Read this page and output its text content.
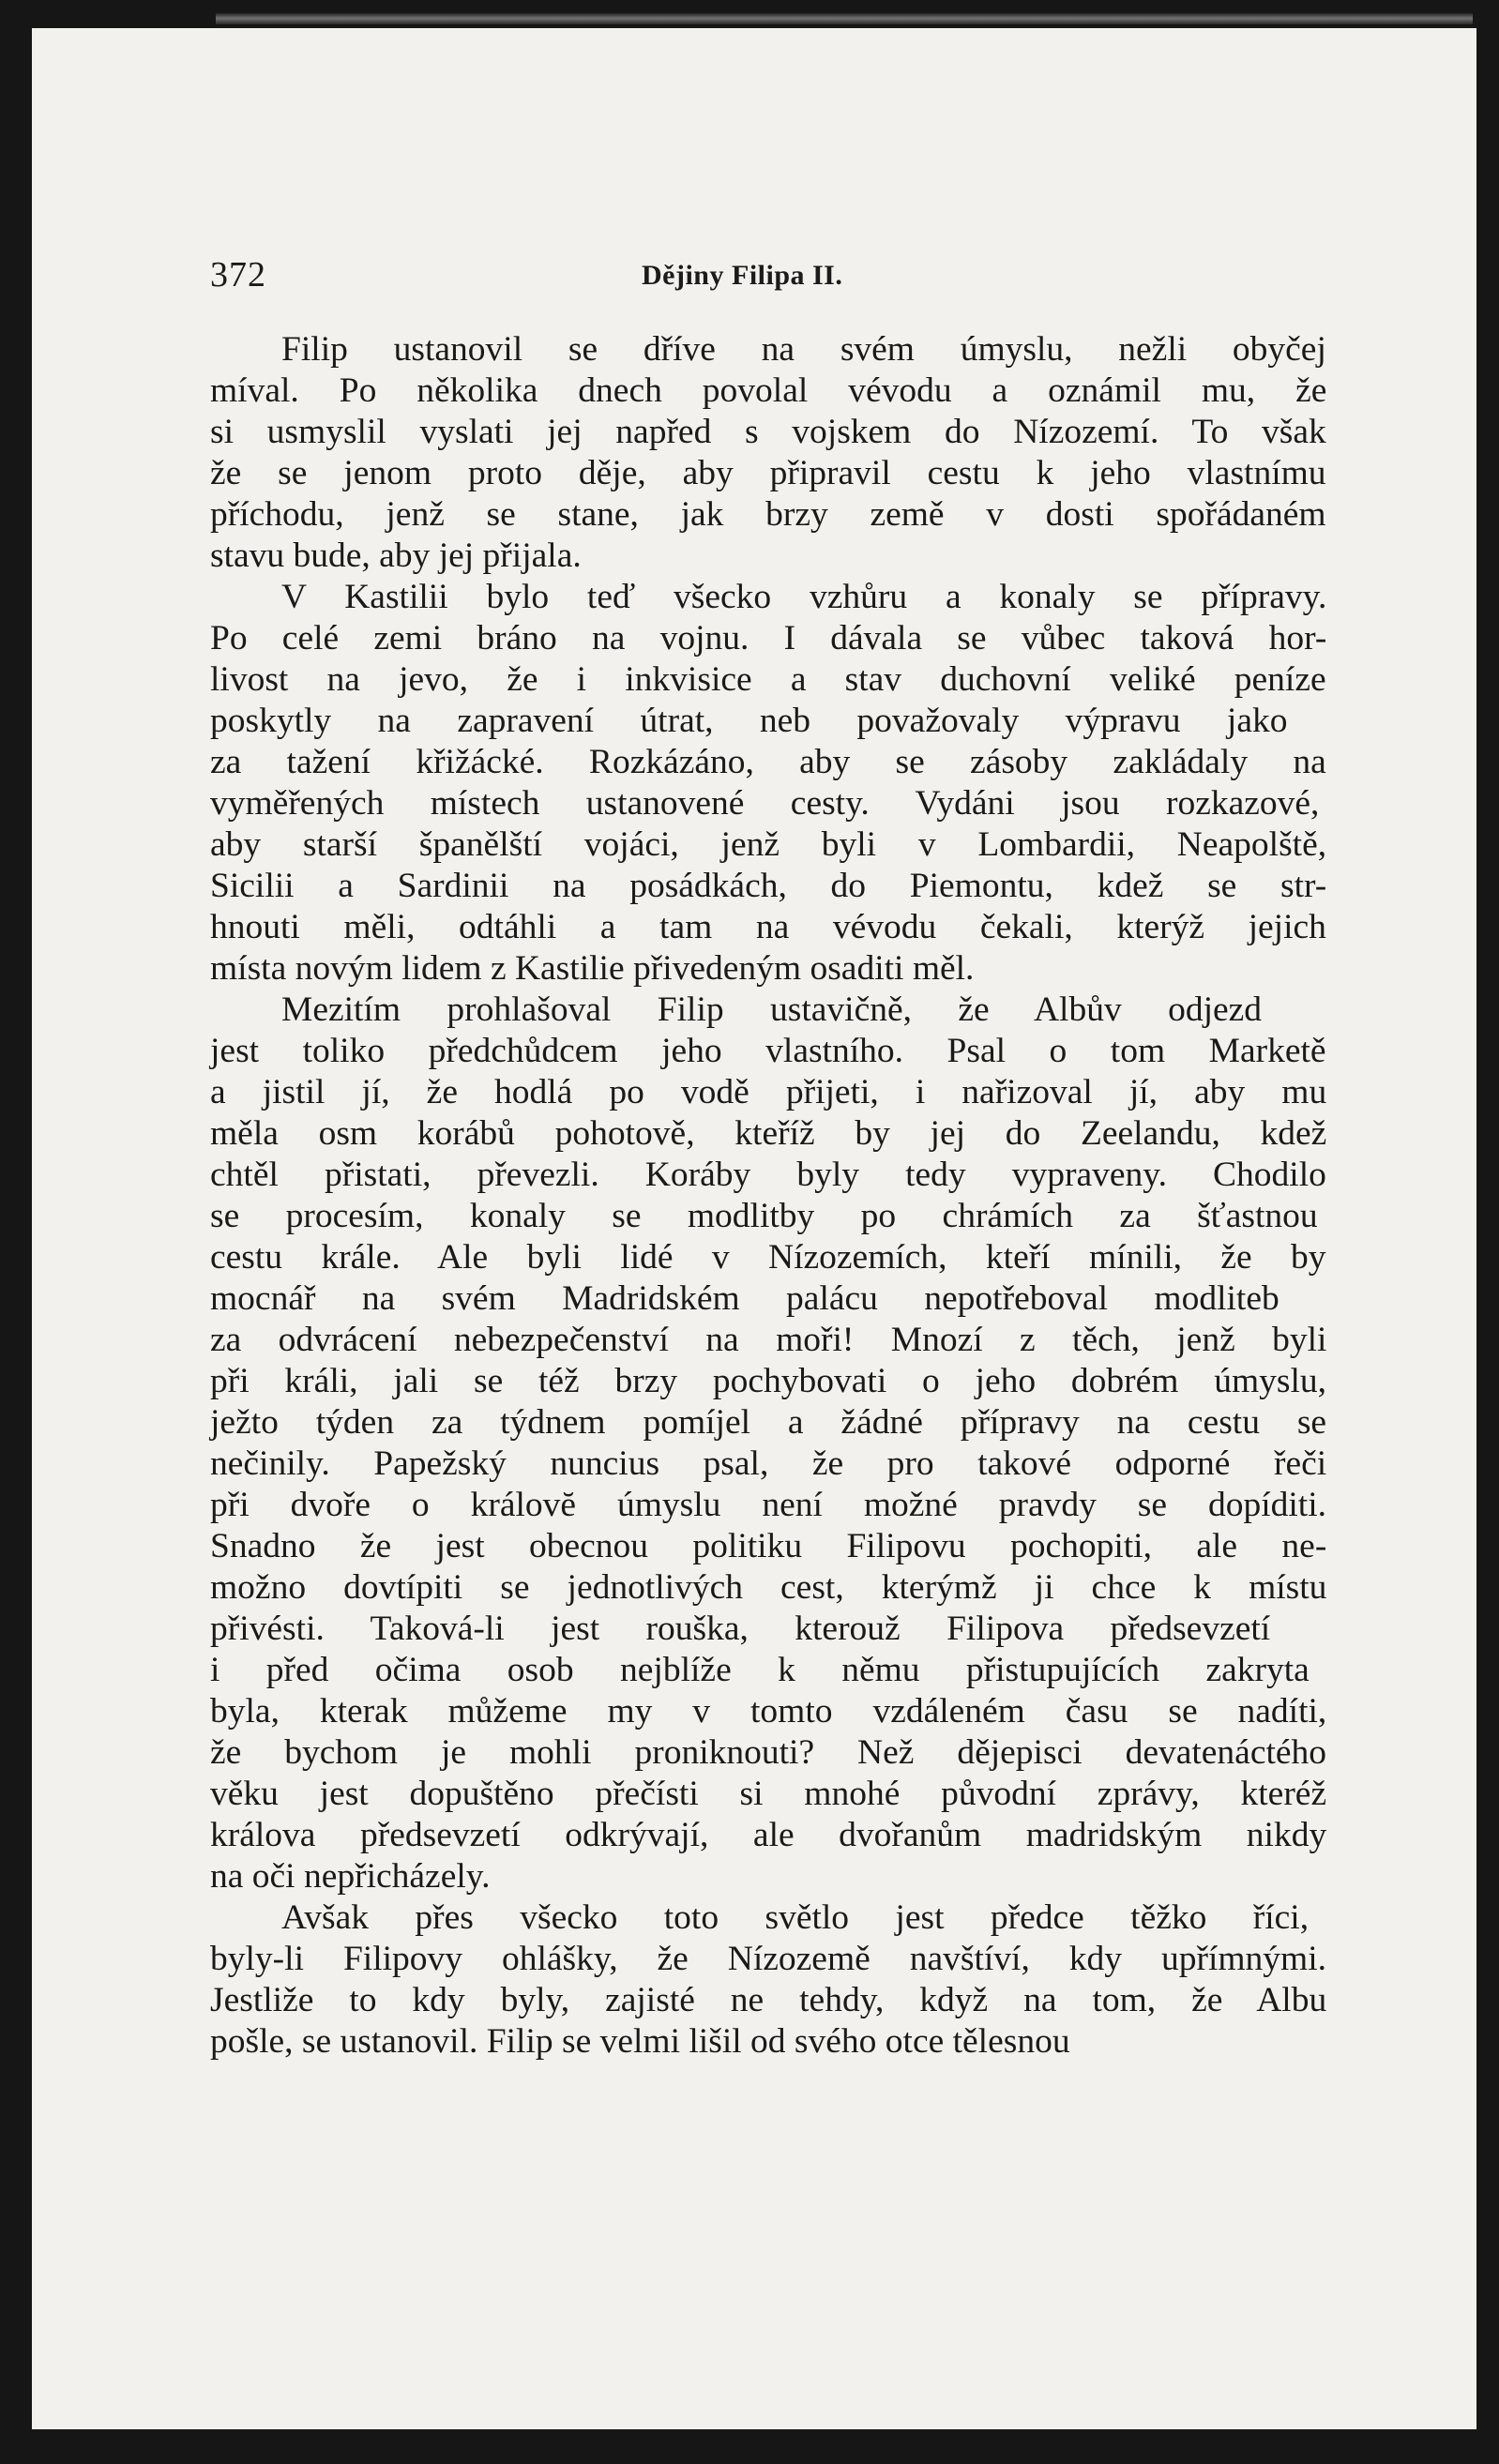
372	Dějiny Filipa II.
Filip ustanovil se dříve na svém úmyslu, nežli obyčej
míval. Po několika dnech povolal vévodu a oznámil mu, že
si usmyslil vyslati jej napřed s vojskem do Nízozemí. To však
že se jenom proto děje, aby připravil cestu k jeho vlastnímu
příchodu, jenž se stane, jak brzy země v dosti spořádaném
stavu bude, aby jej přijala.
V Kastilii bylo teď všecko vzhůru a konaly se přípravy.
Po celé zemi bráno na vojnu. I dávala se vůbec taková hor-
livost na jevo, že i inkvisice a stav duchovní veliké peníze
poskytly na zapravení útrat, neb považovaly výpravu jako
za tažení křižácké. Rozkázáno, aby se zásoby zakládaly na
vyměřených místech ustanovené cesty. Vydáni jsou rozkazové,
aby starší španělští vojáci, jenž byli v Lombardii, Neapolště,
Sicilii a Sardinii na posádkách, do Piemontu, kdež se str-
hnouti měli, odtáhli a tam na vévodu čekali, kterýž jejich
místa novým lidem z Kastilie přivedeným osaditi měl.
Mezitím prohlašoval Filip ustavičně, že Albův odjezd
jest toliko předchůdcem jeho vlastního. Psal o tom Marketě
a jistil jí, že hodlá po vodě přijeti, i nařizoval jí, aby mu
měla osm korábů pohotově, kteříž by jej do Zeelandu, kdež
chtěl přistati, převezli. Koráby byly tedy vypraveny. Chodilo
se procesím, konaly se modlitby po chrámích za šťastnou
cestu krále. Ale byli lidé v Nízozemích, kteří mínili, že by
mocnář na svém Madridském palácu nepotřeboval modliteb
za odvrácení nebezpečenství na moři! Mnozí z těch, jenž byli
při králi, jali se též brzy pochybovati o jeho dobrém úmyslu,
ježto týden za týdnem pomíjel a žádné přípravy na cestu se
nečinily. Papežský nuncius psal, že pro takové odporné řeči
při dvoře o královĕ úmyslu není možné pravdy se dopíditi.
Snadno že jest obecnou politiku Filipovu pochopiti, ale ne-
možno dovtípiti se jednotlivých cest, kterýmž ji chce k místu
přivésti. Taková-li jest rouška, kterouž Filipova předsevzetí
i před očima osob nejblíže k němu přistupujících zakryta
byla, kterak můžeme my v tomto vzdáleném času se nadíti,
že bychom je mohli proniknouti? Než dějepisci devatenáctého
věku jest dopuštěno přečísti si mnohé původní zprávy, kteréž
králova předsevzetí odkrývají, ale dvořanům madridským nikdy
na oči nepřicházely.
Avšak přes všecko toto světlo jest předce těžko říci,
byly-li Filipovy ohlášky, že Nízozemě navštíví, kdy upřímnými.
Jestliže to kdy byly, zajisté ne tehdy, když na tom, že Albu
pošle, se ustanovil. Filip se velmi lišil od svého otce tělesnou
